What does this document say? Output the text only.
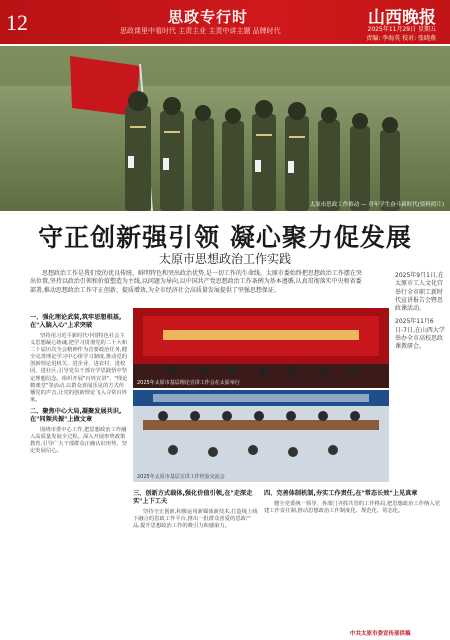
12	思政专行时
思政课里中看时代 主责主业 主责中讲主题 品牌时代
山西晚报
2025年11月29日 星期五
责编: 李海英 校对: 张晓燕
太原市思政工作推动 — 青年学生奋斗新时代(资料照片)
守正创新强引领 凝心聚力促发展
太原市思想政治工作实践
思想政治工作是我们党的优良传统、鲜明特色和突出政治优势,是一切工作的生命线。太原市委始终把思想政治工作摆在突出位置,坚持以政治引领和价值塑造为主线,以问题为导向,以中国共产党思想政治工作条例为基本遵循,认真贯彻落实中央和省委部署,推动思想政治工作守正创新、提质增效,为全市经济社会高质量发展提供了坚强思想保证。

2025年9月1日,在太原市工人文化宫举行全市职工新时代宣讲报告会暨思政课活动。

2025年11月6日-7日,在山西大学举办全市高校思政课教研会。

一、强化理论武装,筑牢思想根基,在"入脑入心"上求突破

坚持用习近平新时代中国特色社会主义思想凝心铸魂,把学习贯彻党的二十大和二十届历次全会精神作为首要政治任务,健全完善理论学习中心组学习制度,推动党的创新理论进机关、进企业、进农村、进校园、进社区,引导党员干部在学思践悟中坚定理想信念。组织开展"百姓宣讲"、"理论微课堂"等活动,以群众喜闻乐见的方式传播党的声音,让党的创新理论飞入寻常百姓家。

二、聚焦中心大局,凝聚发展共识,在"同频共振"上做文章

围绕市委中心工作,把思想政治工作融入高质量发展全过程。深入开展形势政策教育,引导广大干部群众正确认识形势、坚定发展信心。

2025年太原市基层理论宣讲工作会在太原举行
2025年太原市基层宣讲工作经验交流会
三、创新方式载体,强化价值引领,在"走深走实"上下工夫

坚持守正创新,积极运用新媒体新技术,打造线上线下融合的思政工作平台,推出一批群众喜爱的思政产品,提升思想政治工作的吸引力和感染力。

四、完善体制机制,夯实工作责任,在"常态长效"上见真章

健全党委统一领导、各部门齐抓共管的工作格局,把思想政治工作纳入党建工作责任制,推动思想政治工作制度化、规范化、常态化。

中共太原市委宣传部供稿
